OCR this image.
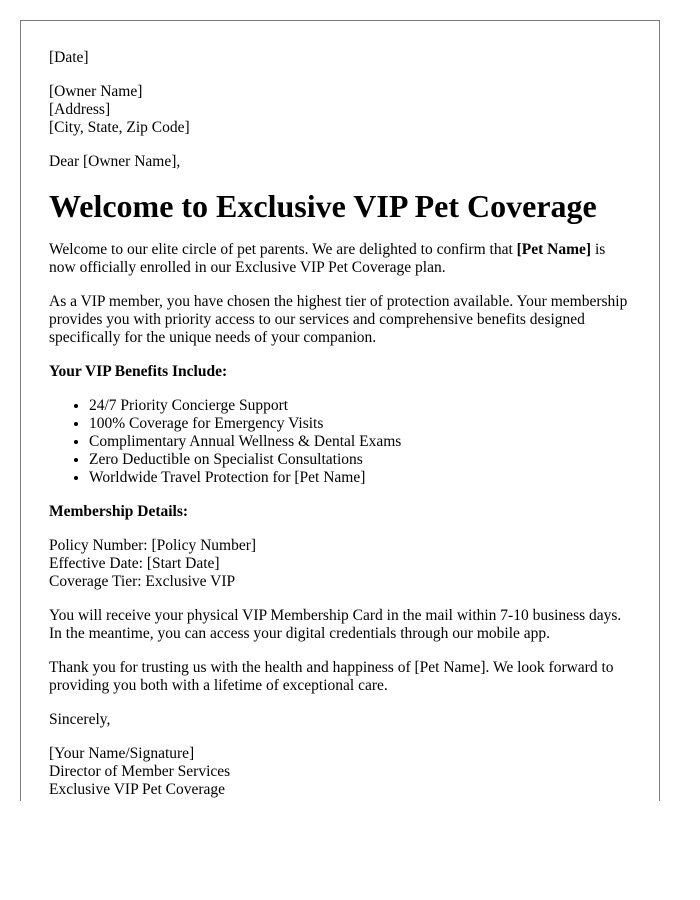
[Date]

[Owner Name]
[Address]
[City, State, Zip Code]

Dear [Owner Name],

Welcome to Exclusive VIP Pet Coverage

Welcome to our elite circle of pet parents. We are delighted to confirm that [Pet Name] is now officially enrolled in our Exclusive VIP Pet Coverage plan.

As a VIP member, you have chosen the highest tier of protection available. Your membership provides you with priority access to our services and comprehensive benefits designed specifically for the unique needs of your companion.

Your VIP Benefits Include:

• 24/7 Priority Concierge Support
• 100% Coverage for Emergency Visits
• Complimentary Annual Wellness & Dental Exams
• Zero Deductible on Specialist Consultations
• Worldwide Travel Protection for [Pet Name]

Membership Details:

Policy Number: [Policy Number]
Effective Date: [Start Date]
Coverage Tier: Exclusive VIP

You will receive your physical VIP Membership Card in the mail within 7-10 business days. In the meantime, you can access your digital credentials through our mobile app.

Thank you for trusting us with the health and happiness of [Pet Name]. We look forward to providing you both with a lifetime of exceptional care.

Sincerely,

[Your Name/Signature]
Director of Member Services
Exclusive VIP Pet Coverage
